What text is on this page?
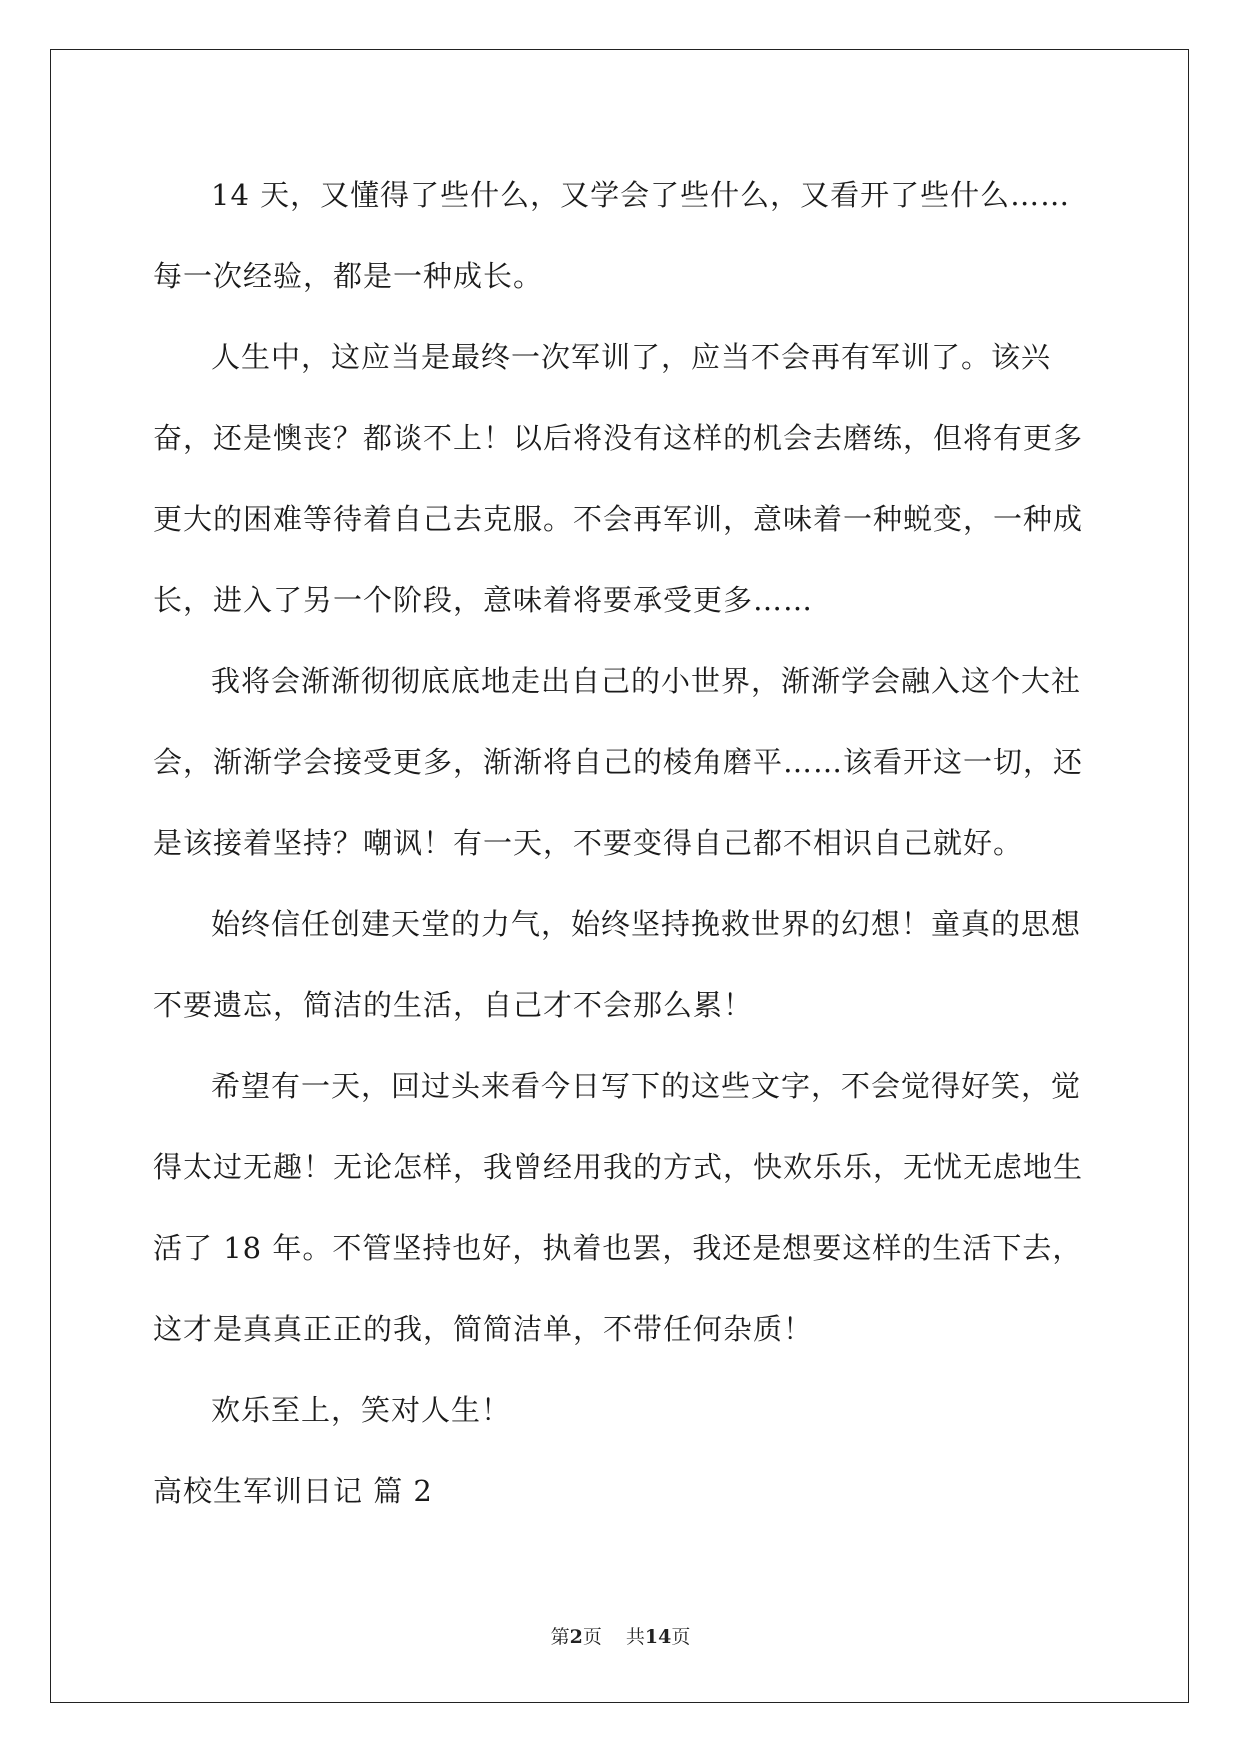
14 天，又懂得了些什么，又学会了些什么，又看开了些什么……每一次经验，都是一种成长。

人生中，这应当是最终一次军训了，应当不会再有军训了。该兴奋，还是懊丧？都谈不上！以后将没有这样的机会去磨练，但将有更多更大的困难等待着自己去克服。不会再军训，意味着一种蜕变，一种成长，进入了另一个阶段，意味着将要承受更多……

我将会渐渐彻彻底底地走出自己的小世界，渐渐学会融入这个大社会，渐渐学会接受更多，渐渐将自己的棱角磨平……该看开这一切，还是该接着坚持？嘲讽！有一天，不要变得自己都不相识自己就好。

始终信任创建天堂的力气，始终坚持挽救世界的幻想！童真的思想不要遗忘，简洁的生活，自己才不会那么累！

希望有一天，回过头来看今日写下的这些文字，不会觉得好笑，觉得太过无趣！无论怎样，我曾经用我的方式，快欢乐乐，无忧无虑地生活了 18 年。不管坚持也好，执着也罢，我还是想要这样的生活下去，这才是真真正正的我，简简洁单，不带任何杂质！

欢乐至上，笑对人生！

高校生军训日记 篇 2

第2页 共14页
